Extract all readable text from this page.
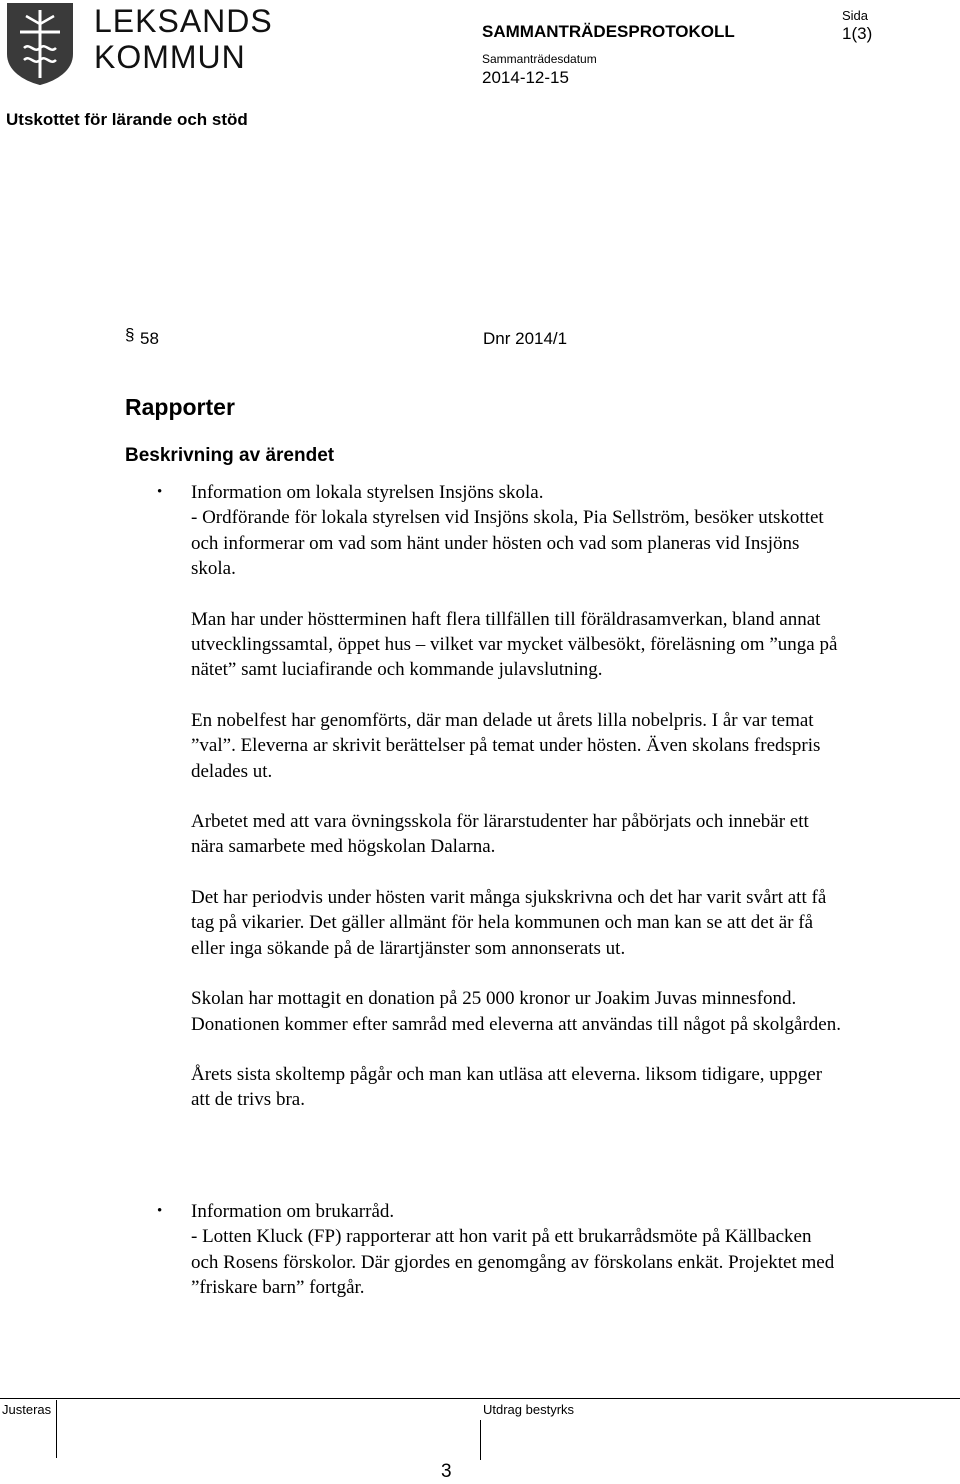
LEKSANDS
KOMMUN
SAMMANTRÄDESPROTOKOLL
Sida
1(3)
Sammanträdesdatum
2014-12-15
Utskottet för lärande och stöd
§ 58	Dnr 2014/1
Rapporter
Beskrivning av ärendet
• Information om lokala styrelsen Insjöns skola.
- Ordförande för lokala styrelsen vid Insjöns skola, Pia Sellström, besöker utskottet och informerar om vad som hänt under hösten och vad som planeras vid Insjöns skola.

Man har under höstterminen haft flera tillfällen till föräldrasamverkan, bland annat utvecklingssamtal, öppet hus – vilket var mycket välbesökt, föreläsning om ”unga på nätet” samt luciafirande och kommande julavslutning.

En nobelfest har genomförts, där man delade ut årets lilla nobelpris. I år var temat ”val”. Eleverna ar skrivit berättelser på temat under hösten. Även skolans fredspris delades ut.

Arbetet med att vara övningsskola för lärarstudenter har påbörjats och innebär ett nära samarbete med högskolan Dalarna.

Det har periodvis under hösten varit många sjukskrivna och det har varit svårt att få tag på vikarier. Det gäller allmänt för hela kommunen och man kan se att det är få eller inga sökande på de lärartjänster som annonserats ut.

Skolan har mottagit en donation på 25 000 kronor ur Joakim Juvas minnesfond. Donationen kommer efter samråd med eleverna att användas till något på skolgården.

Årets sista skoltemp pågår och man kan utläsa att eleverna. liksom tidigare, uppger att de trivs bra.

• Information om brukarråd.
- Lotten Kluck (FP) rapporterar att hon varit på ett brukarrådsmöte på Källbacken och Rosens förskolor. Där gjordes en genomgång av förskolans enkät. Projektet med ”friskare barn” fortgår.

Justeras	Utdrag bestyrks
3
